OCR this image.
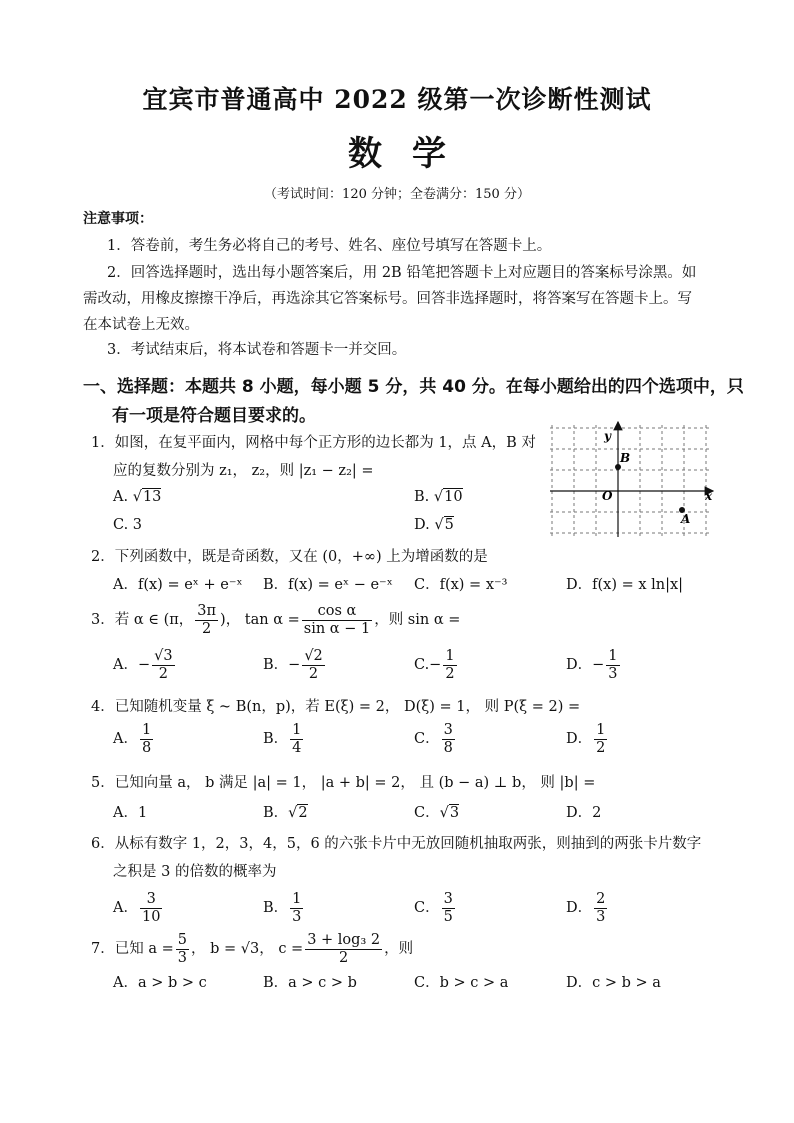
宜宾市普通高中 2022 级第一次诊断性测试
数学
（考试时间：120 分钟；全卷满分：150 分）
注意事项：
1．答卷前，考生务必将自己的考号、姓名、座位号填写在答题卡上。
2．回答选择题时，选出每小题答案后，用 2B 铅笔把答题卡上对应题目的答案标号涂黑。如
需改动，用橡皮擦擦干净后，再选涂其它答案标号。回答非选择题时，将答案写在答题卡上。写
在本试卷上无效。
3．考试结束后，将本试卷和答题卡一并交回。
一、选择题：本题共 8 小题，每小题 5 分，共 40 分。在每小题给出的四个选项中，只
有一项是符合题目要求的。
1．如图，在复平面内，网格中每个正方形的边长都为 1，点 A，B 对
应的复数分别为 z₁， z₂，则 |z₁ − z₂| =
A. √13	B. √10
C. 3	D. √5
y
x
O
B
A
2．下列函数中，既是奇函数，又在 (0，+∞) 上为增函数的是
A．f(x) = eˣ + e⁻ˣ B．f(x) = eˣ − e⁻ˣ C．f(x) = x⁻³	D．f(x) = x ln|x|
3．若 α ∈ (π， $\frac{3\pi}{2}$ )， $\tan \alpha = \frac{\text{cos α}}{\text{sin α − 1}}$ ，则 sin α =
A．− $\frac{√3}{2}$	B．− $\frac{√2}{2}$	$C.- \frac{1}{2}$	D．− $\frac{1}{3}$
4．已知随机变量 ξ ~ B(n，p)，若 E(ξ) = 2， D(ξ) = 1， 则 P(ξ = 2) =
A． $\frac{1}{8}$	B． $\frac{1}{4}$	C． $\frac{3}{8}$	D． $\frac{1}{2}$
5．已知向量 a， b 满足 |a| = 1， |a + b| = 2， 且 (b − a) ⊥ b， 则 |b| =
A．1	B．√2	C．√3	D．2
6．从标有数字 1，2，3，4，5，6 的六张卡片中无放回随机抽取两张，则抽到的两张卡片数字
之积是 3 的倍数的概率为
A． $\frac{3}{10}$	B． $\frac{1}{3}$	C． $\frac{3}{5}$	D． $\frac{2}{3}$
7．已知 $a = \frac{5}{3}$ ， b = √3， $c = \frac{\text{3 + log₃ 2}}{2}$ ，则
A．a > b > c	B．a > c > b	C．b > c > a	D．c > b > a
